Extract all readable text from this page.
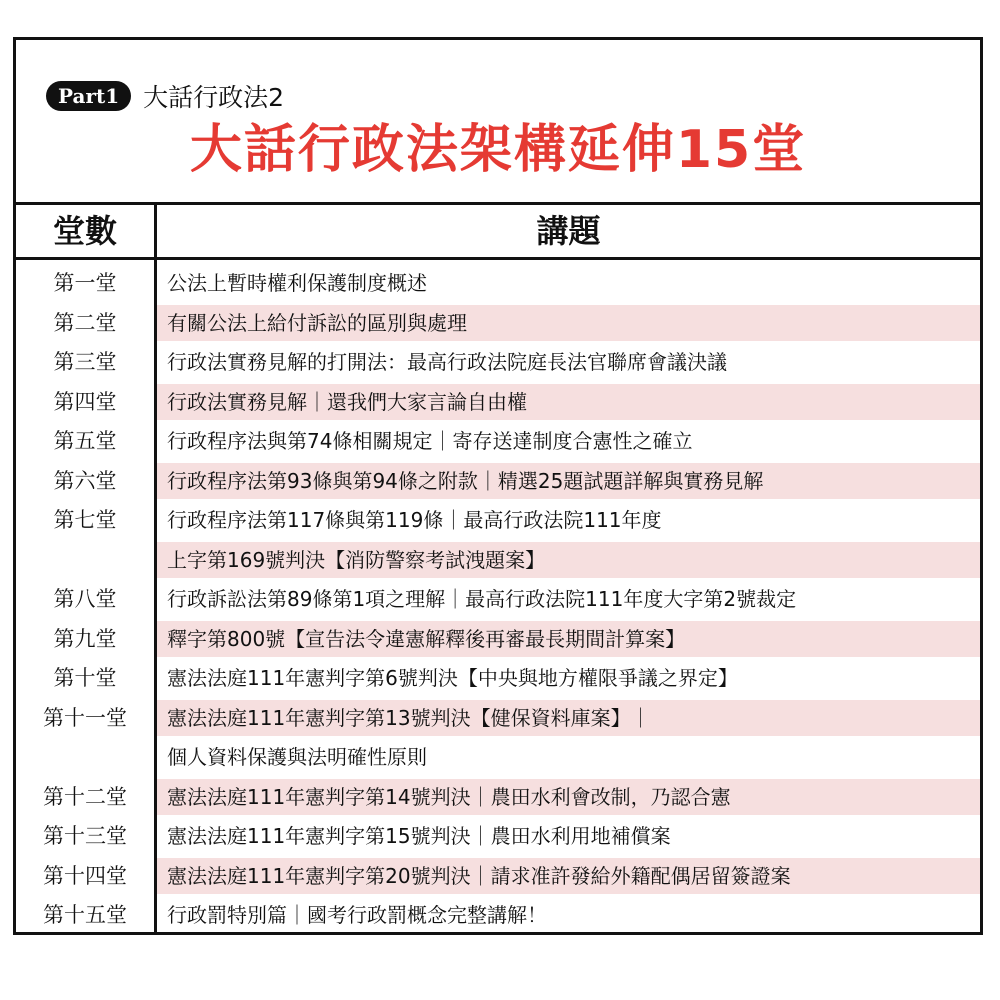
Part1 大話行政法2
大話行政法架構延伸15堂
堂數	講題
第一堂	公法上暫時權利保護制度概述
第二堂	有關公法上給付訴訟的區別與處理
第三堂	行政法實務見解的打開法：最高行政法院庭長法官聯席會議決議
第四堂	行政法實務見解｜還我們大家言論自由權
第五堂	行政程序法與第74條相關規定｜寄存送達制度合憲性之確立
第六堂	行政程序法第93條與第94條之附款｜精選25題試題詳解與實務見解
第七堂	行政程序法第117條與第119條｜最高行政法院111年度
上字第169號判決【消防警察考試洩題案】
第八堂	行政訴訟法第89條第1項之理解｜最高行政法院111年度大字第2號裁定
第九堂	釋字第800號【宣告法令違憲解釋後再審最長期間計算案】
第十堂	憲法法庭111年憲判字第6號判決【中央與地方權限爭議之界定】
第十一堂	憲法法庭111年憲判字第13號判決【健保資料庫案】｜
個人資料保護與法明確性原則
第十二堂	憲法法庭111年憲判字第14號判決｜農田水利會改制，乃認合憲
第十三堂	憲法法庭111年憲判字第15號判決｜農田水利用地補償案
第十四堂	憲法法庭111年憲判字第20號判決｜請求准許發給外籍配偶居留簽證案
第十五堂	行政罰特別篇｜國考行政罰概念完整講解！
